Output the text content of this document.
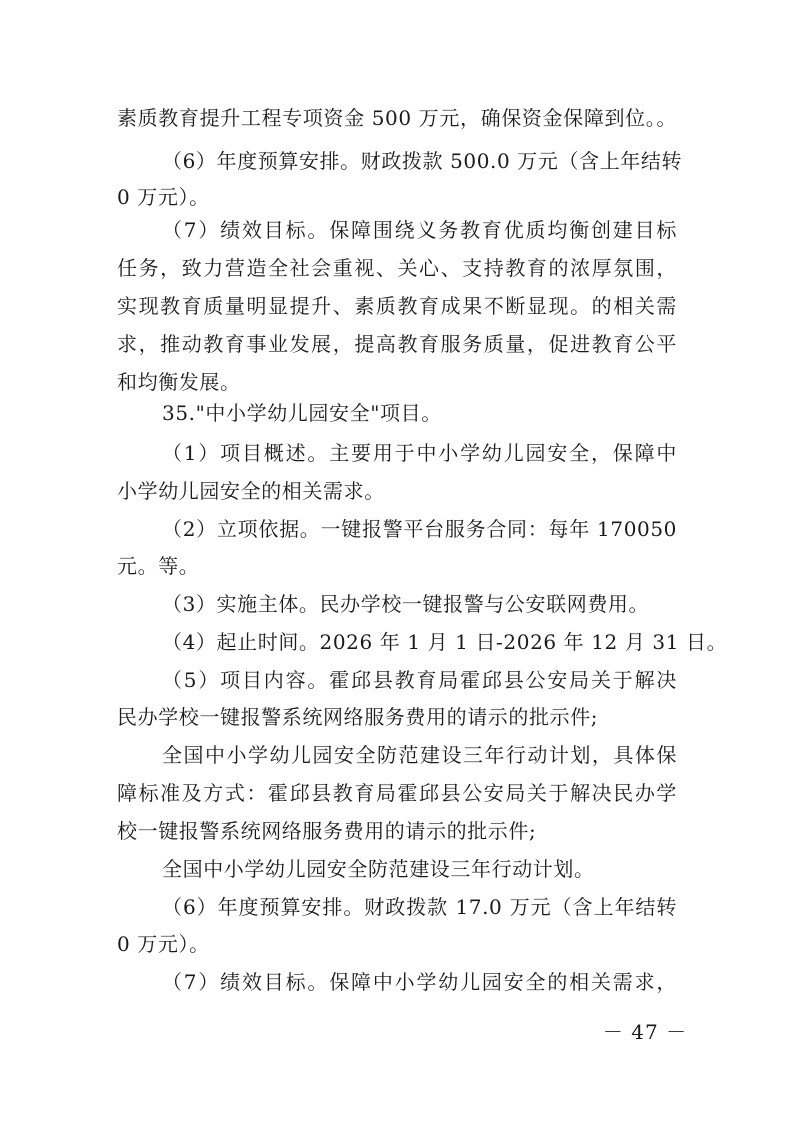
素质教育提升工程专项资金 500 万元，确保资金保障到位。。
（6）年度预算安排。财政拨款 500.0 万元（含上年结转
0 万元）。
（7）绩效目标。保障围绕义务教育优质均衡创建目标
任务，致力营造全社会重视、关心、支持教育的浓厚氛围，
实现教育质量明显提升、素质教育成果不断显现。的相关需
求，推动教育事业发展，提高教育服务质量，促进教育公平
和均衡发展。
35."中小学幼儿园安全"项目。
（1）项目概述。主要用于中小学幼儿园安全，保障中
小学幼儿园安全的相关需求。
（2）立项依据。一键报警平台服务合同：每年 170050
元。等。
（3）实施主体。民办学校一键报警与公安联网费用。
（4）起止时间。2026 年 1 月 1 日-2026 年 12 月 31 日。
（5）项目内容。霍邱县教育局霍邱县公安局关于解决
民办学校一键报警系统网络服务费用的请示的批示件;
全国中小学幼儿园安全防范建设三年行动计划，具体保
障标准及方式：霍邱县教育局霍邱县公安局关于解决民办学
校一键报警系统网络服务费用的请示的批示件;
全国中小学幼儿园安全防范建设三年行动计划。
（6）年度预算安排。财政拨款 17.0 万元（含上年结转
0 万元）。
（7）绩效目标。保障中小学幼儿园安全的相关需求，
－ 47 －
